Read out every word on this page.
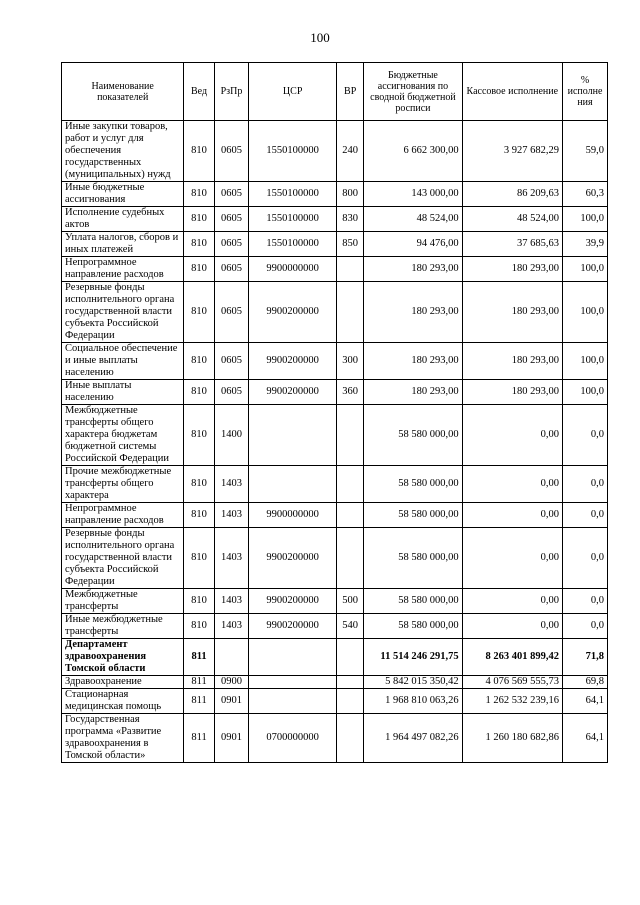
100
Наименование показателей	Вед	РзПр	ЦСР	ВР	Бюджетные ассигнования по сводной бюджетной росписи	Кассовое исполнение	% исполне ния
Иные закупки товаров, работ и услуг для обеспечения государственных (муниципальных) нужд	810	0605	1550100000	240	6 662 300,00	3 927 682,29	59,0
Иные бюджетные ассигнования	810	0605	1550100000	800	143 000,00	86 209,63	60,3
Исполнение судебных актов	810	0605	1550100000	830	48 524,00	48 524,00	100,0
Уплата налогов, сборов и иных платежей	810	0605	1550100000	850	94 476,00	37 685,63	39,9
Непрограммное направление расходов	810	0605	9900000000		180 293,00	180 293,00	100,0
Резервные фонды исполнительного органа государственной власти субъекта Российской Федерации	810	0605	9900200000		180 293,00	180 293,00	100,0
Социальное обеспечение и иные выплаты населению	810	0605	9900200000	300	180 293,00	180 293,00	100,0
Иные выплаты населению	810	0605	9900200000	360	180 293,00	180 293,00	100,0
Межбюджетные трансферты общего характера бюджетам бюджетной системы Российской Федерации	810	1400			58 580 000,00	0,00	0,0
Прочие межбюджетные трансферты общего характера	810	1403			58 580 000,00	0,00	0,0
Непрограммное направление расходов	810	1403	9900000000		58 580 000,00	0,00	0,0
Резервные фонды исполнительного органа государственной власти субъекта Российской Федерации	810	1403	9900200000		58 580 000,00	0,00	0,0
Межбюджетные трансферты	810	1403	9900200000	500	58 580 000,00	0,00	0,0
Иные межбюджетные трансферты	810	1403	9900200000	540	58 580 000,00	0,00	0,0
Департамент здравоохранения Томской области	811				11 514 246 291,75	8 263 401 899,42	71,8
Здравоохранение	811	0900			5 842 015 350,42	4 076 569 555,73	69,8
Стационарная медицинская помощь	811	0901			1 968 810 063,26	1 262 532 239,16	64,1
Государственная программа «Развитие здравоохранения в Томской области»	811	0901	0700000000		1 964 497 082,26	1 260 180 682,86	64,1
